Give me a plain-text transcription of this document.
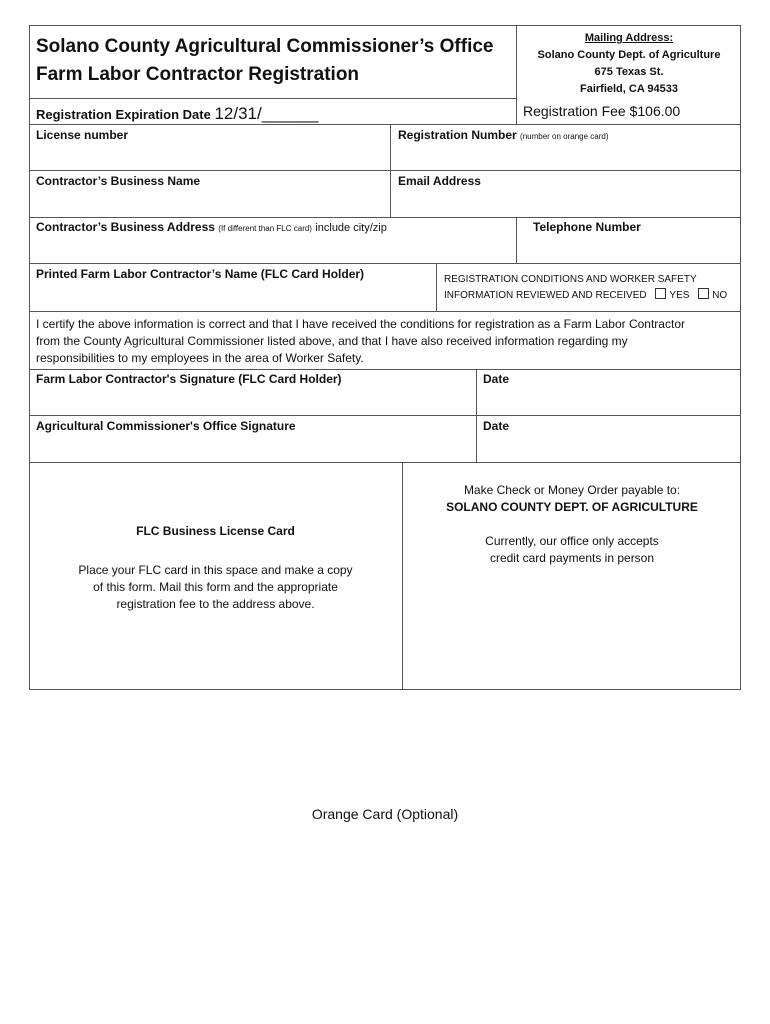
Solano County Agricultural Commissioner’s Office
Farm Labor Contractor Registration
Registration Expiration Date 12/31/______
Mailing Address:
Solano County Dept. of Agriculture
675 Texas St.
Fairfield, CA 94533
Registration Fee $106.00
License number	Registration Number (number on orange card)
Contractor’s Business Name	Email Address
Contractor’s Business Address (If different than FLC card) include city/zip	Telephone Number
Printed Farm Labor Contractor’s Name (FLC Card Holder)	REGISTRATION CONDITIONS AND WORKER SAFETY
INFORMATION REVIEWED AND RECEIVED YES NO
I certify the above information is correct and that I have received the conditions for registration as a Farm Labor Contractor
from the County Agricultural Commissioner listed above, and that I have also received information regarding my
responsibilities to my employees in the area of Worker Safety.
Farm Labor Contractor's Signature (FLC Card Holder)	Date
Agricultural Commissioner's Office Signature	Date
FLC Business License Card
Place your FLC card in this space and make a copy
of this form. Mail this form and the appropriate
registration fee to the address above.
Make Check or Money Order payable to:
SOLANO COUNTY DEPT. OF AGRICULTURE
Currently, our office only accepts
credit card payments in person
Orange Card (Optional)
